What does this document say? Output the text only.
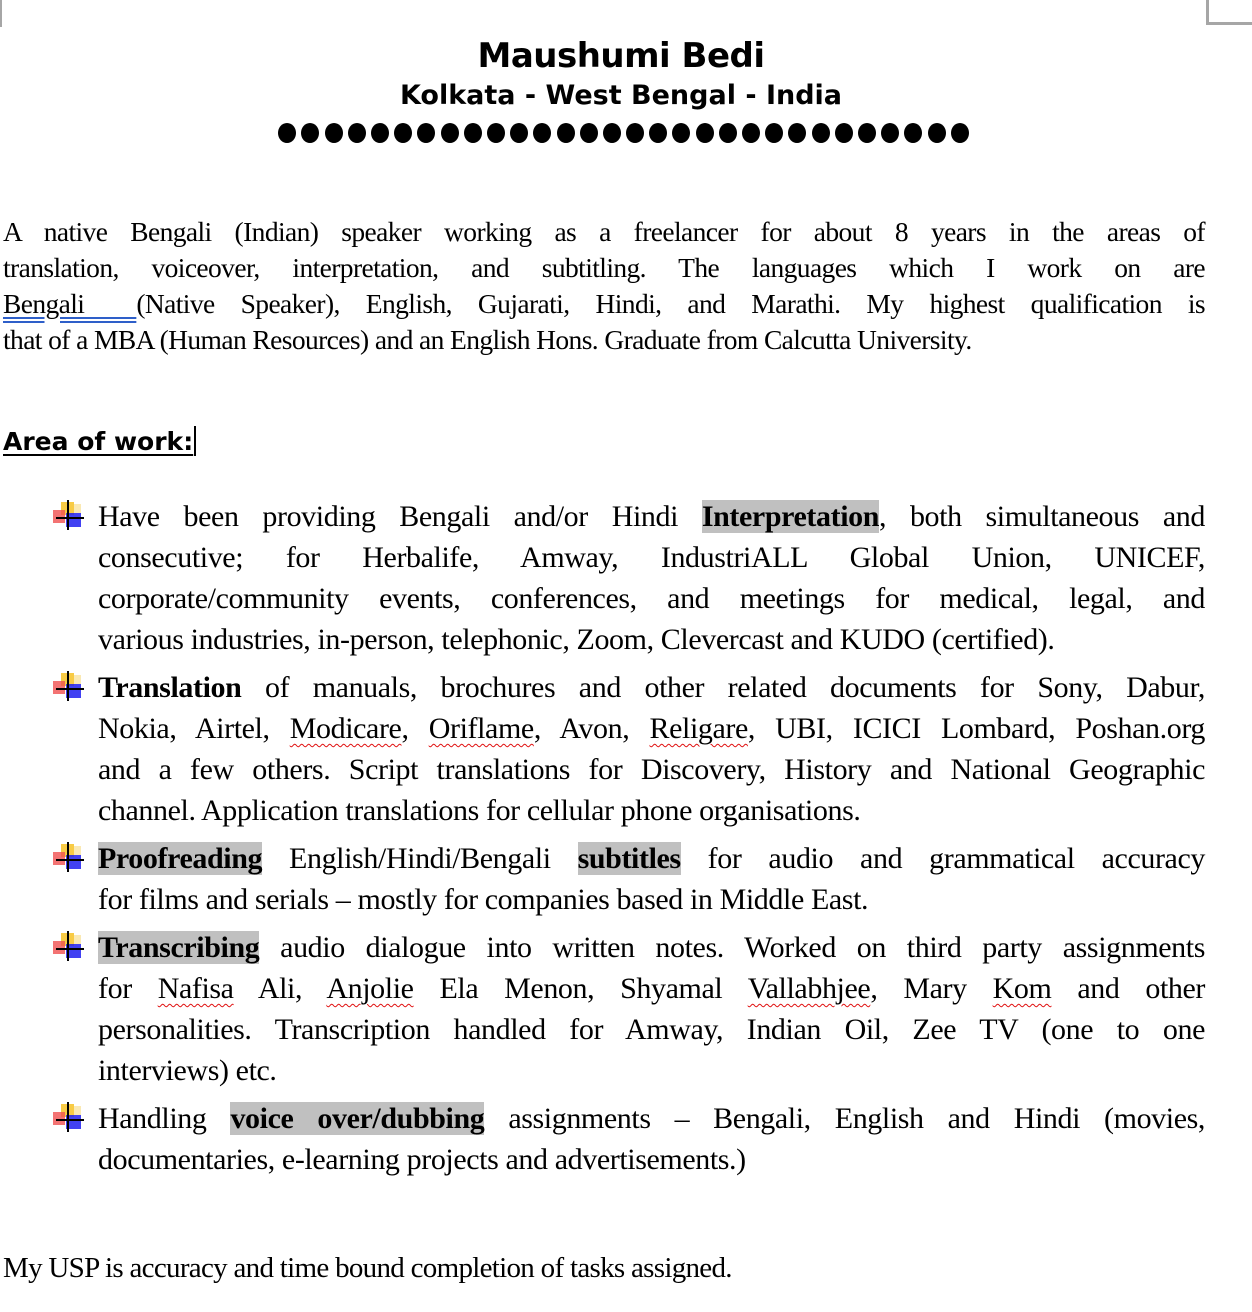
Maushumi Bedi
Kolkata - West Bengal - India
A native Bengali (Indian) speaker working as a freelancer for about 8 years in the areas of
translation, voiceover, interpretation, and subtitling. The languages which I work on are
Bengali  (Native Speaker), English, Gujarati, Hindi, and Marathi. My highest qualification is
that of a MBA (Human Resources) and an English Hons. Graduate from Calcutta University.
Area of work:
Have been providing Bengali and/or Hindi Interpretation, both simultaneous and
consecutive; for Herbalife, Amway, IndustriALL Global Union, UNICEF,
corporate/community events, conferences, and meetings for medical, legal, and
various industries, in-person, telephonic, Zoom, Clevercast and KUDO (certified).
Translation of manuals, brochures and other related documents for Sony, Dabur,
Nokia, Airtel, Modicare, Oriflame, Avon, Religare, UBI, ICICI Lombard, Poshan.org
and a few others. Script translations for Discovery, History and National Geographic
channel. Application translations for cellular phone organisations.
Proofreading English/Hindi/Bengali subtitles for audio and grammatical accuracy
for films and serials – mostly for companies based in Middle East.
Transcribing audio dialogue into written notes. Worked on third party assignments
for Nafisa Ali, Anjolie Ela Menon, Shyamal Vallabhjee, Mary Kom and other
personalities. Transcription handled for Amway, Indian Oil, Zee TV (one to one
interviews) etc.
Handling voice over/dubbing assignments – Bengali, English and Hindi (movies,
documentaries, e-learning projects and advertisements.)
My USP is accuracy and time bound completion of tasks assigned.
